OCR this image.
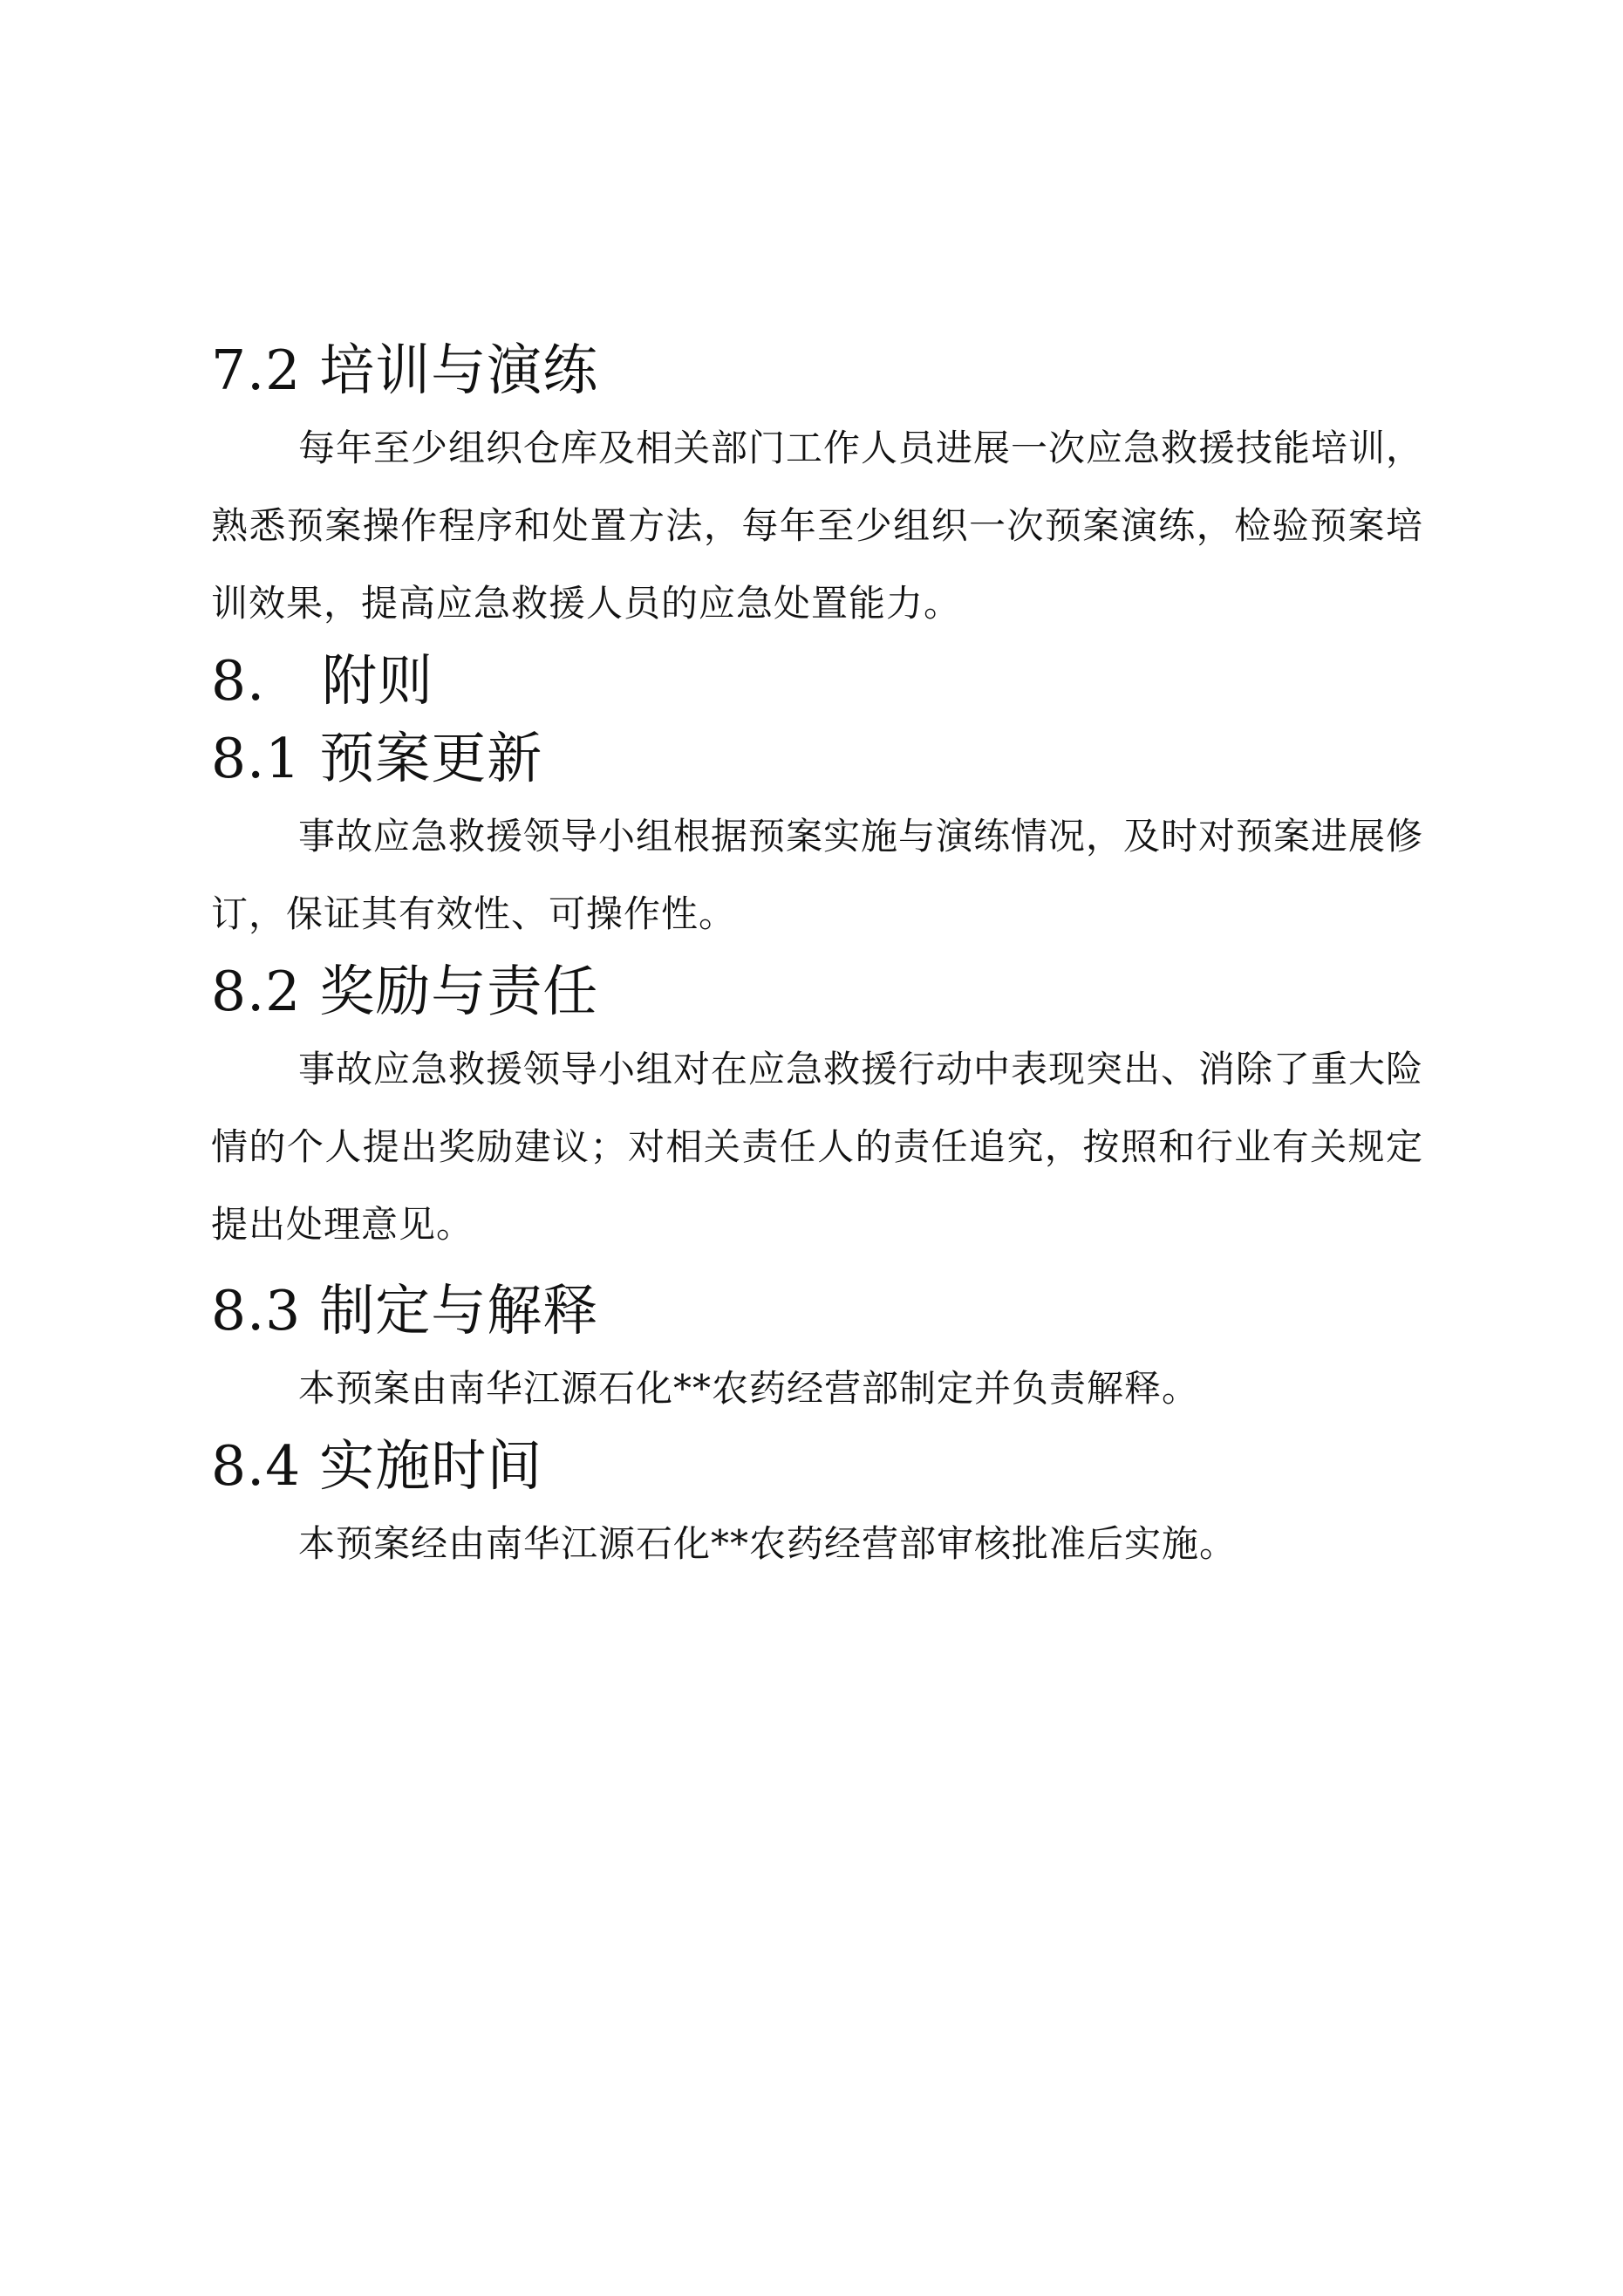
7.2 培训与演练

每年至少组织仓库及相关部门工作人员进展一次应急救援技能培训，熟悉预案操作程序和处置方法，每年至少组织一次预案演练，检验预案培训效果，提高应急救援人员的应急处置能力。

8. 附则
8.1 预案更新

事故应急救援领导小组根据预案实施与演练情况，及时对预案进展修订，保证其有效性、可操作性。

8.2 奖励与责任

事故应急救援领导小组对在应急救援行动中表现突出、消除了重大险情的个人提出奖励建议；对相关责任人的责任追究，按照和行业有关规定提出处理意见。

8.3 制定与解释

本预案由南华江源石化**农药经营部制定并负责解释。

8.4 实施时间

本预案经由南华江源石化**农药经营部审核批准后实施。
